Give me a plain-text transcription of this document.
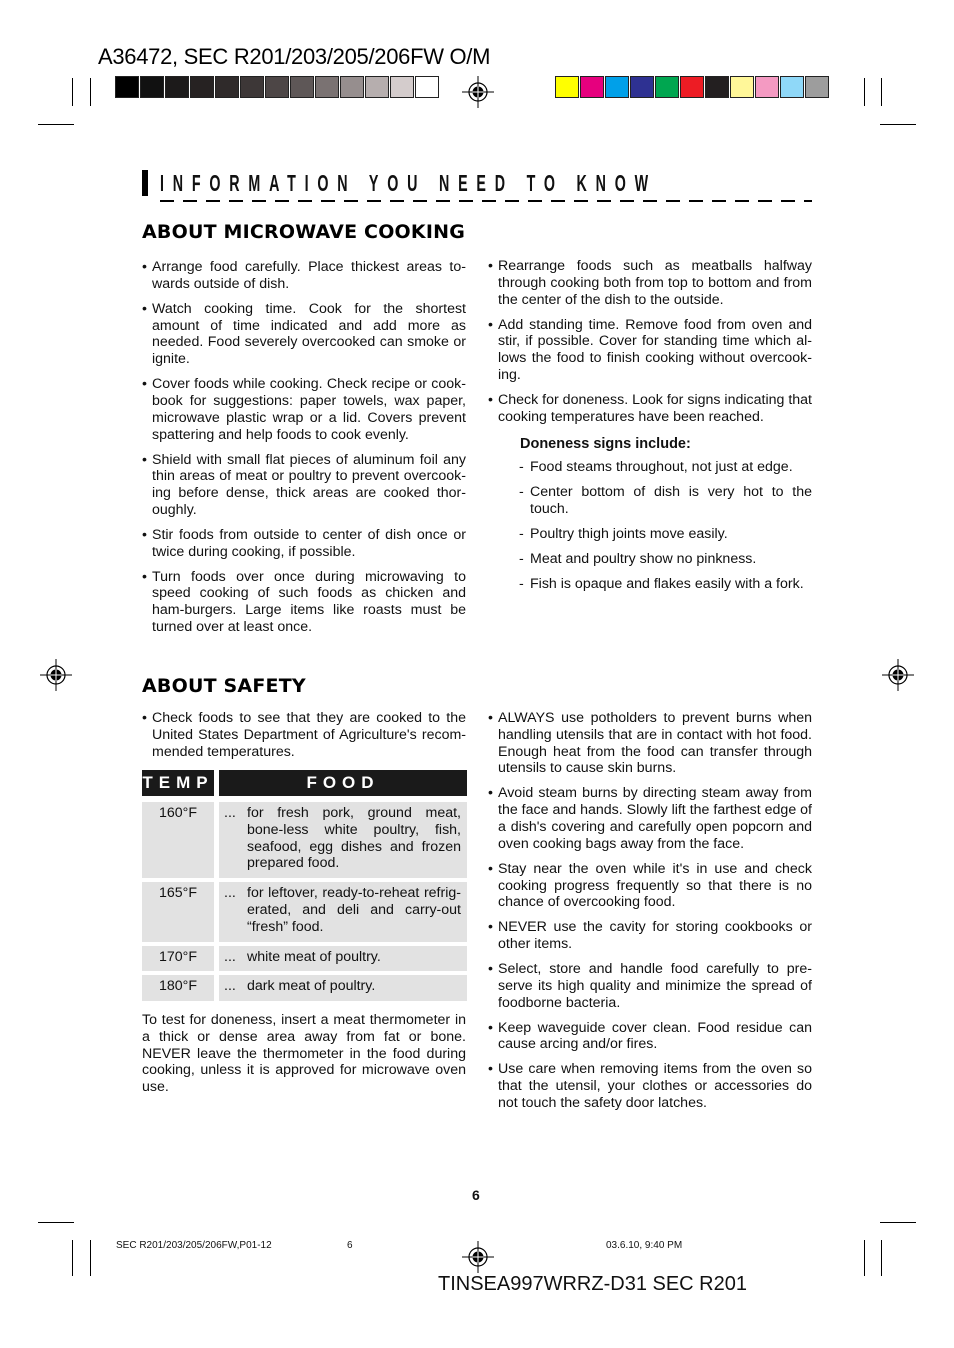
A36472, SEC R201/203/205/206FW O/M
INFORMATION YOU NEED TO KNOW
ABOUT MICROWAVE COOKING
• Arrange food carefully. Place thickest areas to-wards outside of dish.
• Watch cooking time. Cook for the shortest amount of time indicated and add more as needed. Food severely overcooked can smoke or ignite.
• Cover foods while cooking. Check recipe or cook-book for suggestions: paper towels, wax paper, microwave plastic wrap or a lid. Covers prevent spattering and help foods to cook evenly.
• Shield with small flat pieces of aluminum foil any thin areas of meat or poultry to prevent overcook-ing before dense, thick areas are cooked thor-oughly.
• Stir foods from outside to center of dish once or twice during cooking, if possible.
• Turn foods over once during microwaving to speed cooking of such foods as chicken and ham-burgers. Large items like roasts must be turned over at least once.
• Rearrange foods such as meatballs halfway through cooking both from top to bottom and from the center of the dish to the outside.
• Add standing time. Remove food from oven and stir, if possible. Cover for standing time which al-lows the food to finish cooking without overcook-ing.
• Check for doneness. Look for signs indicating that cooking temperatures have been reached.
Doneness signs include:
- Food steams throughout, not just at edge.
- Center bottom of dish is very hot to the touch.
- Poultry thigh joints move easily.
- Meat and poultry show no pinkness.
- Fish is opaque and flakes easily with a fork.
ABOUT SAFETY
• Check foods to see that they are cooked to the United States Department of Agriculture's recom-mended temperatures.
TEMP	FOOD
160°F	... for fresh pork, ground meat, bone-less white poultry, fish, seafood, egg dishes and frozen prepared food.
165°F	... for leftover, ready-to-reheat refrig-erated, and deli and carry-out “fresh” food.
170°F	... white meat of poultry.
180°F	... dark meat of poultry.
To test for doneness, insert a meat thermometer in a thick or dense area away from fat or bone. NEVER leave the thermometer in the food during cooking, unless it is approved for microwave oven use.
• ALWAYS use potholders to prevent burns when handling utensils that are in contact with hot food. Enough heat from the food can transfer through utensils to cause skin burns.
• Avoid steam burns by directing steam away from the face and hands. Slowly lift the farthest edge of a dish's covering and carefully open popcorn and oven cooking bags away from the face.
• Stay near the oven while it's in use and check cooking progress frequently so that there is no chance of overcooking food.
• NEVER use the cavity for storing cookbooks or other items.
• Select, store and handle food carefully to pre-serve its high quality and minimize the spread of foodborne bacteria.
• Keep waveguide cover clean. Food residue can cause arcing and/or fires.
• Use care when removing items from the oven so that the utensil, your clothes or accessories do not touch the safety door latches.
6
SEC R201/203/205/206FW,P01-12	6	03.6.10, 9:40 PM
TINSEA997WRRZ-D31 SEC R201
